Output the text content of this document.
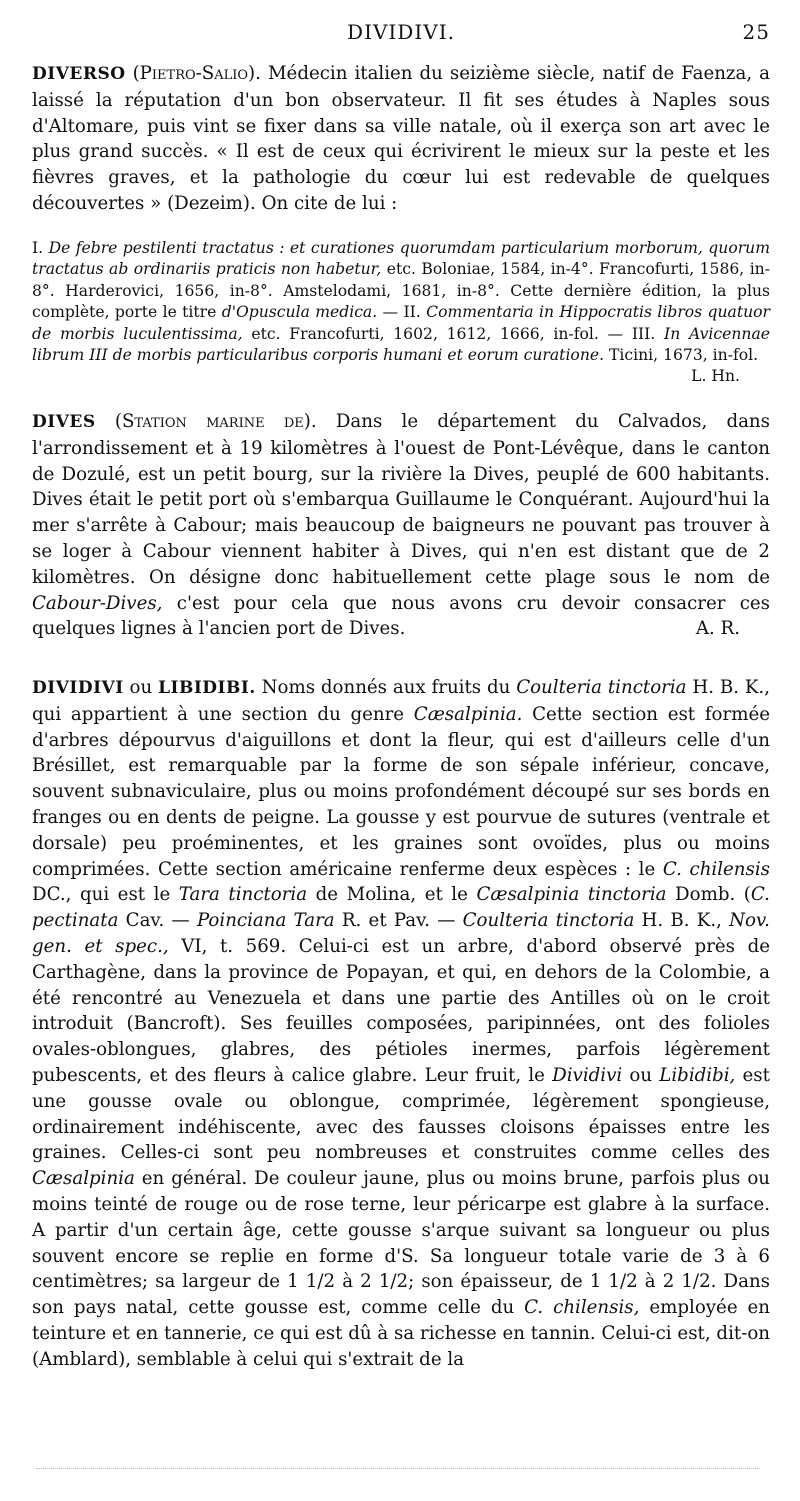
DIVIDIVI.	25

DIVERSO (Pietro-Salio). Médecin italien du seizième siècle, natif de Faenza, a laissé la réputation d'un bon observateur. Il fit ses études à Naples sous d'Altomare, puis vint se fixer dans sa ville natale, où il exerça son art avec le plus grand succès. « Il est de ceux qui écrivirent le mieux sur la peste et les fièvres graves, et la pathologie du cœur lui est redevable de quelques découvertes » (Dezeim). On cite de lui :

I. De febre pestilenti tractatus : et curationes quorumdam particularium morborum, quorum tractatus ab ordinariis praticis non habetur, etc. Boloniae, 1584, in-4°. Francofurti, 1586, in-8°. Harderovici, 1656, in-8°. Amstelodami, 1681, in-8°. Cette dernière édition, la plus complète, porte le titre d'Opuscula medica. — II. Commentaria in Hippocratis libros quatuor de morbis luculentissima, etc. Francofurti, 1602, 1612, 1666, in-fol. — III. In Avicennae librum III de morbis particularibus corporis humani et eorum curatione. Ticini, 1673, in-fol.
L. Hn.

DIVES (Station marine de). Dans le département du Calvados, dans l'arrondissement et à 19 kilomètres à l'ouest de Pont-Lévêque, dans le canton de Dozulé, est un petit bourg, sur la rivière la Dives, peuplé de 600 habitants. Dives était le petit port où s'embarqua Guillaume le Conquérant. Aujourd'hui la mer s'arrête à Cabour; mais beaucoup de baigneurs ne pouvant pas trouver à se loger à Cabour viennent habiter à Dives, qui n'en est distant que de 2 kilomètres. On désigne donc habituellement cette plage sous le nom de Cabour-Dives, c'est pour cela que nous avons cru devoir consacrer ces quelques lignes à l'ancien port de Dives.	A. R.

DIVIDIVI ou LIBIDIBI. Noms donnés aux fruits du Coulteria tinctoria H. B. K., qui appartient à une section du genre Cæsalpinia. Cette section est formée d'arbres dépourvus d'aiguillons et dont la fleur, qui est d'ailleurs celle d'un Brésillet, est remarquable par la forme de son sépale inférieur, concave, souvent subnaviculaire, plus ou moins profondément découpé sur ses bords en franges ou en dents de peigne. La gousse y est pourvue de sutures (ventrale et dorsale) peu proéminentes, et les graines sont ovoïdes, plus ou moins comprimées. Cette section américaine renferme deux espèces : le C. chilensis DC., qui est le Tara tinctoria de Molina, et le Cæsalpinia tinctoria Domb. (C. pectinata Cav. — Poinciana Tara R. et Pav. — Coulteria tinctoria H. B. K., Nov. gen. et spec., VI, t. 569. Celui-ci est un arbre, d'abord observé près de Carthagène, dans la province de Popayan, et qui, en dehors de la Colombie, a été rencontré au Venezuela et dans une partie des Antilles où on le croit introduit (Bancroft). Ses feuilles composées, paripinnées, ont des folioles ovales-oblongues, glabres, des pétioles inermes, parfois légèrement pubescents, et des fleurs à calice glabre. Leur fruit, le Dividivi ou Libidibi, est une gousse ovale ou oblongue, comprimée, légèrement spongieuse, ordinairement indéhiscente, avec des fausses cloisons épaisses entre les graines. Celles-ci sont peu nombreuses et construites comme celles des Cæsalpinia en général. De couleur jaune, plus ou moins brune, parfois plus ou moins teinté de rouge ou de rose terne, leur péricarpe est glabre à la surface. A partir d'un certain âge, cette gousse s'arque suivant sa longueur ou plus souvent encore se replie en forme d'S. Sa longueur totale varie de 3 à 6 centimètres; sa largeur de 1 1/2 à 2 1/2; son épaisseur, de 1 1/2 à 2 1/2. Dans son pays natal, cette gousse est, comme celle du C. chilensis, employée en teinture et en tannerie, ce qui est dû à sa richesse en tannin. Celui-ci est, dit-on (Amblard), semblable à celui qui s'extrait de la
